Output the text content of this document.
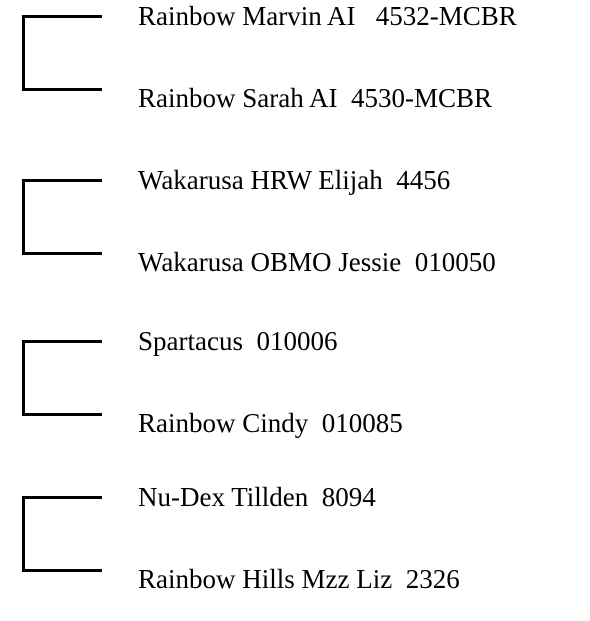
Rainbow Marvin AI   4532-MCBR
Rainbow Sarah AI  4530-MCBR
Wakarusa HRW Elijah  4456
Wakarusa OBMO Jessie  010050
Spartacus  010006
Rainbow Cindy  010085
Nu-Dex Tillden  8094
Rainbow Hills Mzz Liz  2326
